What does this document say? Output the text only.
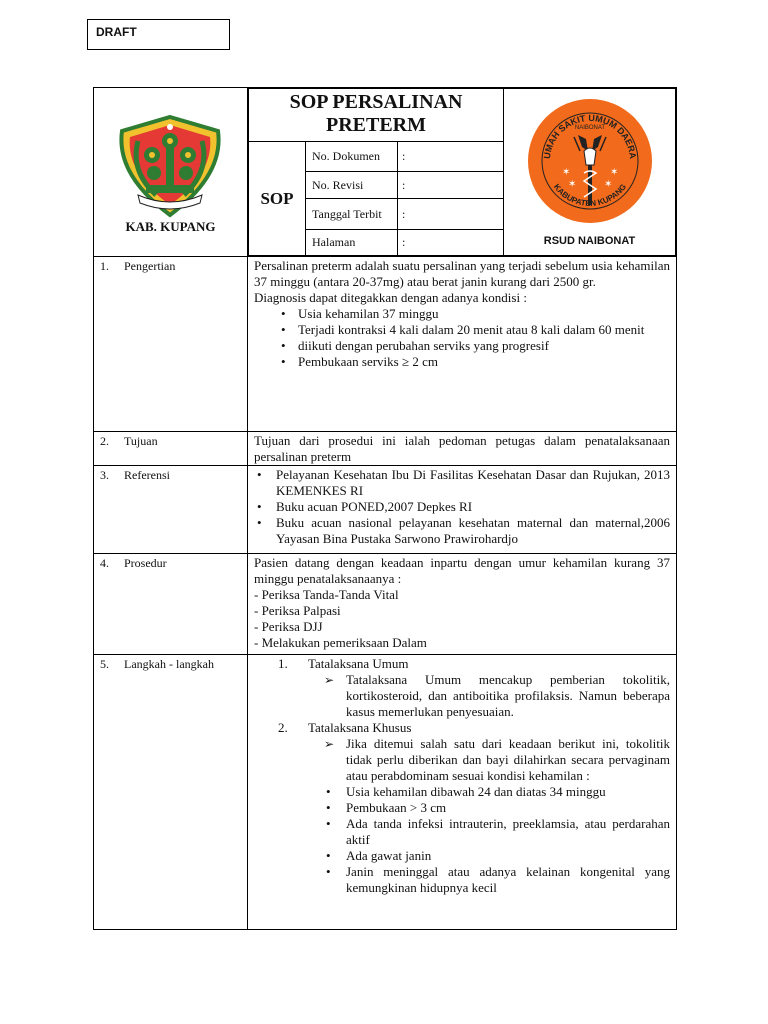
DRAFT
KAB. KUPANG

SOP PERSALINAN
PRETERM

UMAH SAKIT UMUM DAERA
NAIBONAT
✶	✶
✶	✶
KABUPATEN KUPANG
RSUD NAIBONAT

SOP	No. Dokumen	:
No. Revisi	:
Tanggal Terbit	:
Halaman	:

1. Pengertian	Persalinan preterm adalah suatu persalinan yang terjadi sebelum usia kehamilan 37 minggu (antara 20-37mg) atau berat janin kurang dari 2500 gr.

Diagnosis dapat ditegakkan dengan adanya kondisi :

• Usia kehamilan 37 minggu
• Terjadi kontraksi 4 kali dalam 20 menit atau 8 kali dalam 60 menit
• diikuti dengan perubahan serviks yang progresif
• Pembukaan serviks ≥ 2 cm

2. Tujuan	Tujuan dari prosedui ini ialah pedoman petugas dalam penatalaksanaan persalinan preterm

3. Referensi	
•Pelayanan Kesehatan Ibu Di Fasilitas Kesehatan Dasar dan Rujukan, 2013 KEMENKES RI
• Buku acuan PONED,2007 Depkes RI
• Buku acuan nasional pelayanan kesehatan maternal dan maternal,2006 Yayasan Bina Pustaka Sarwono Prawirohardjo

4. Prosedur	Pasien datang dengan keadaan inpartu dengan umur kehamilan kurang 37 minggu penatalaksanaanya :

- Periksa Tanda-Tanda Vital

- Periksa Palpasi

- Periksa DJJ

- Melakukan pemeriksaan Dalam

5. Langkah - langkah	1. Tatalaksana Umum
➢ Tatalaksana Umum mencakup pemberian tokolitik, kortikosteroid, dan antiboitika profilaksis. Namun beberapa kasus memerlukan penyesuaian.
2. Tatalaksana Khusus
➢ Jika ditemui salah satu dari keadaan berikut ini, tokolitik tidak perlu diberikan dan bayi dilahirkan secara pervaginam atau perabdominam sesuai kondisi kehamilan :
• Usia kehamilan dibawah 24 dan diatas 34 minggu
• Pembukaan > 3 cm
• Ada tanda infeksi intrauterin, preeklamsia, atau perdarahan aktif
• Ada gawat janin
• Janin meninggal atau adanya kelainan kongenital yang kemungkinan hidupnya kecil
